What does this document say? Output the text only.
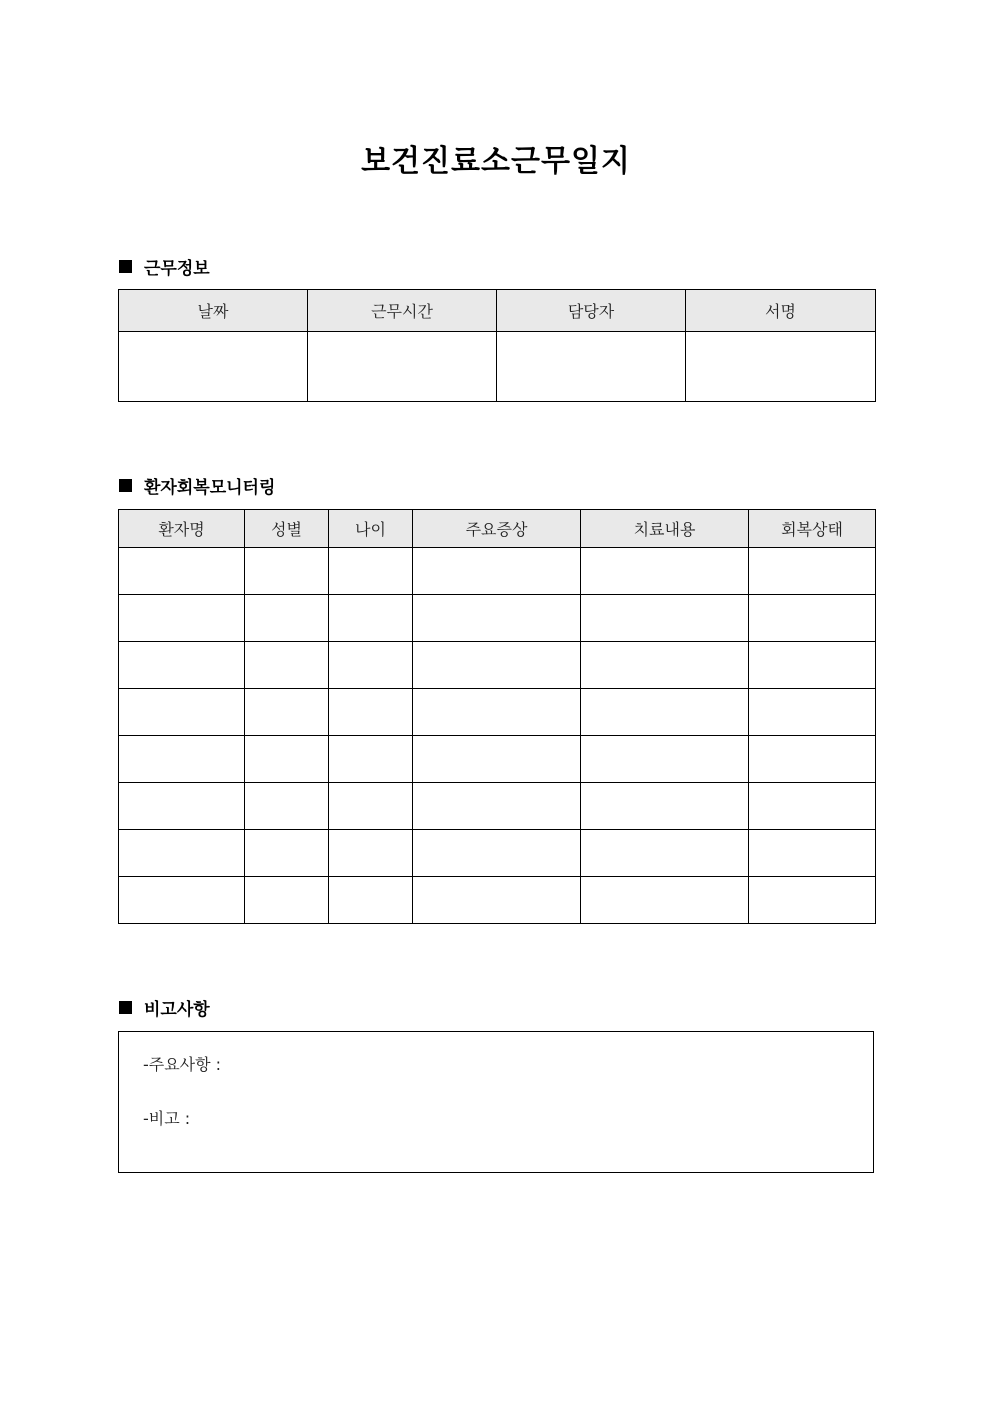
보건진료소근무일지
근무정보
날짜	근무시간	담당자	서명

환자회복모니터링
환자명	성별	나이	주요증상	치료내용	회복상태

비고사항
-주요사항 :
-비고 :
